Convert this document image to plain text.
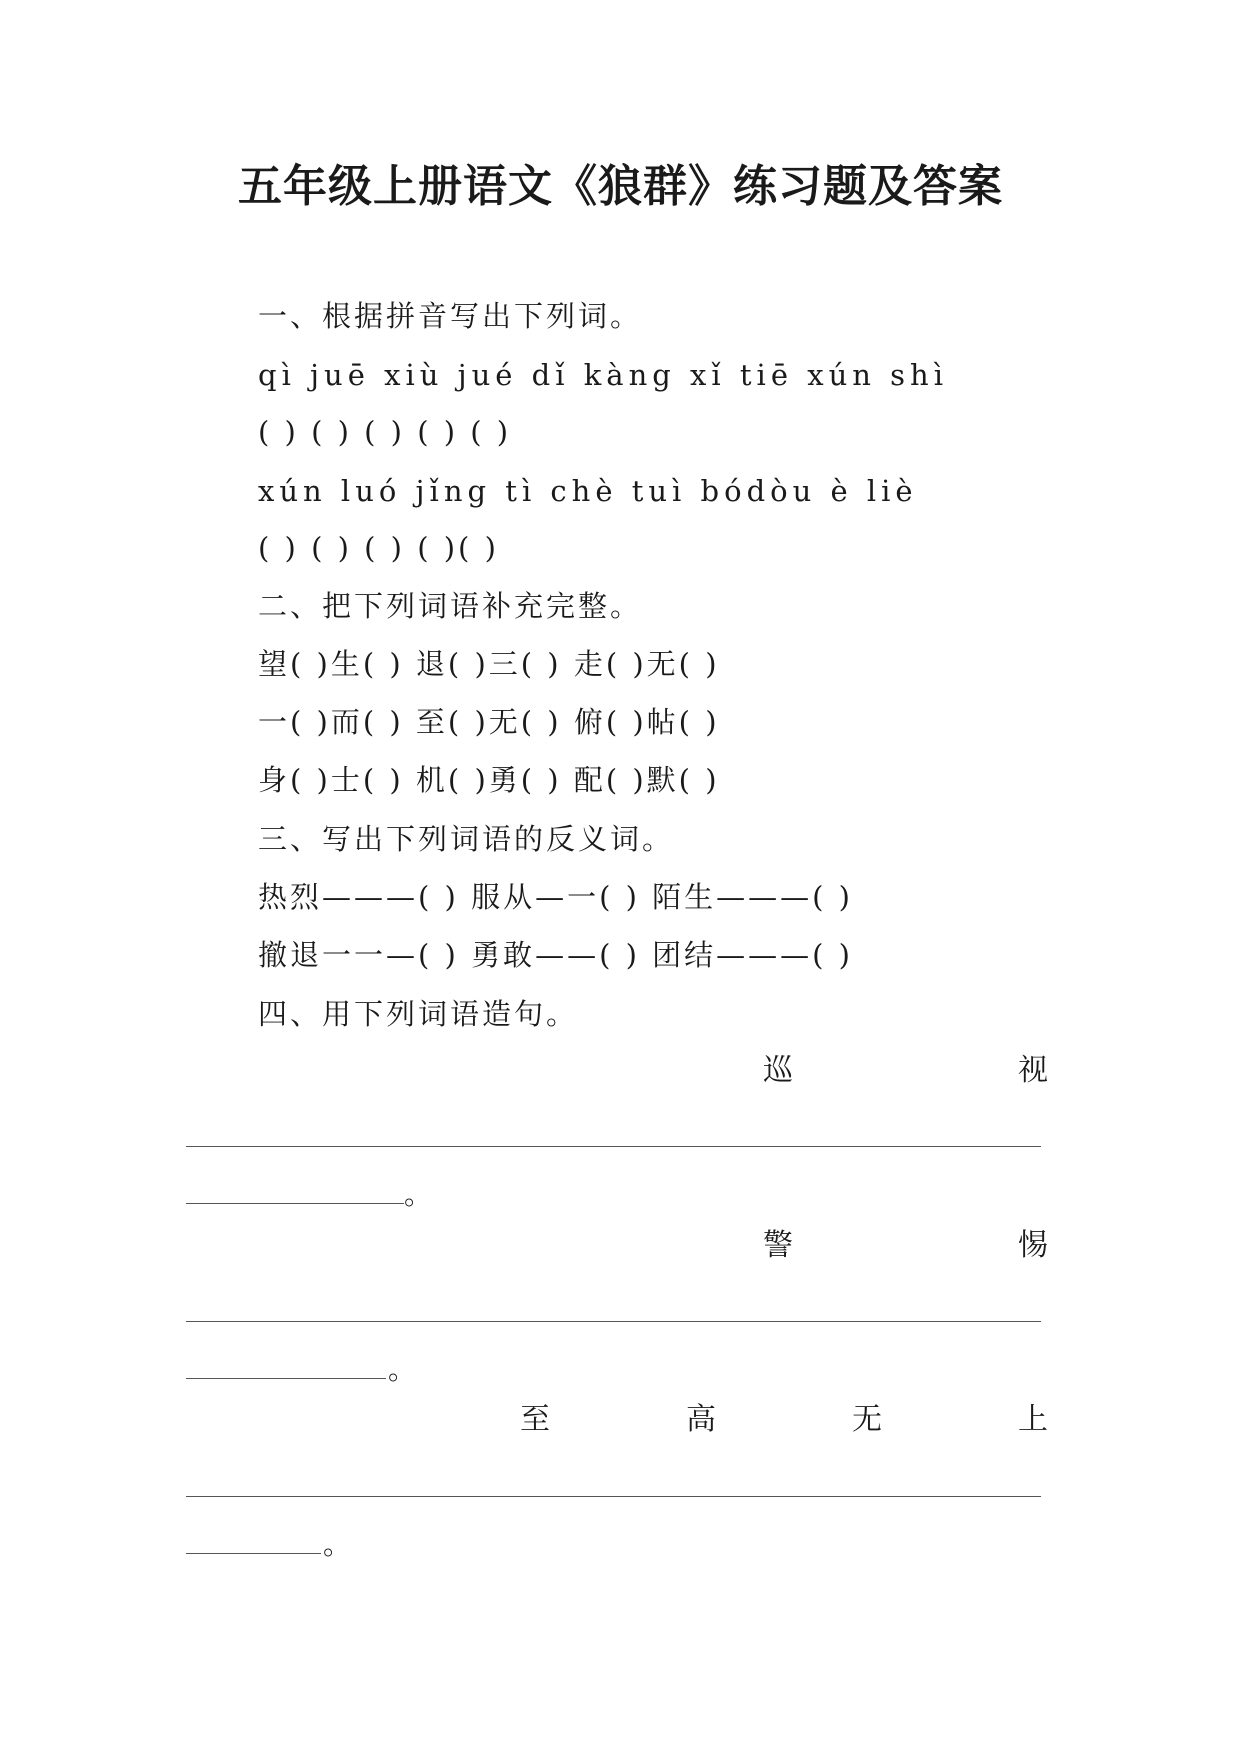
五年级上册语文《狼群》练习题及答案
一、根据拼音写出下列词。
qì juē xiù jué dǐ kàng xǐ tiē xún shì
( ) ( ) ( ) ( ) ( )
xún luó jǐng tì chè tuì bódòu è liè
( ) ( ) ( ) ( )( )
二、把下列词语补充完整。
望( )生( ) 退( )三( ) 走( )无( )
一( )而( ) 至( )无( ) 俯( )帖( )
身( )士( ) 机( )勇( ) 配( )默( )
三、写出下列词语的反义词。
热烈———( ) 服从—一( ) 陌生———( )
撤退一一—( ) 勇敢——( ) 团结———( )
四、用下列词语造句。
巡	视
。
警	惕
。
至	高	无	上
。
